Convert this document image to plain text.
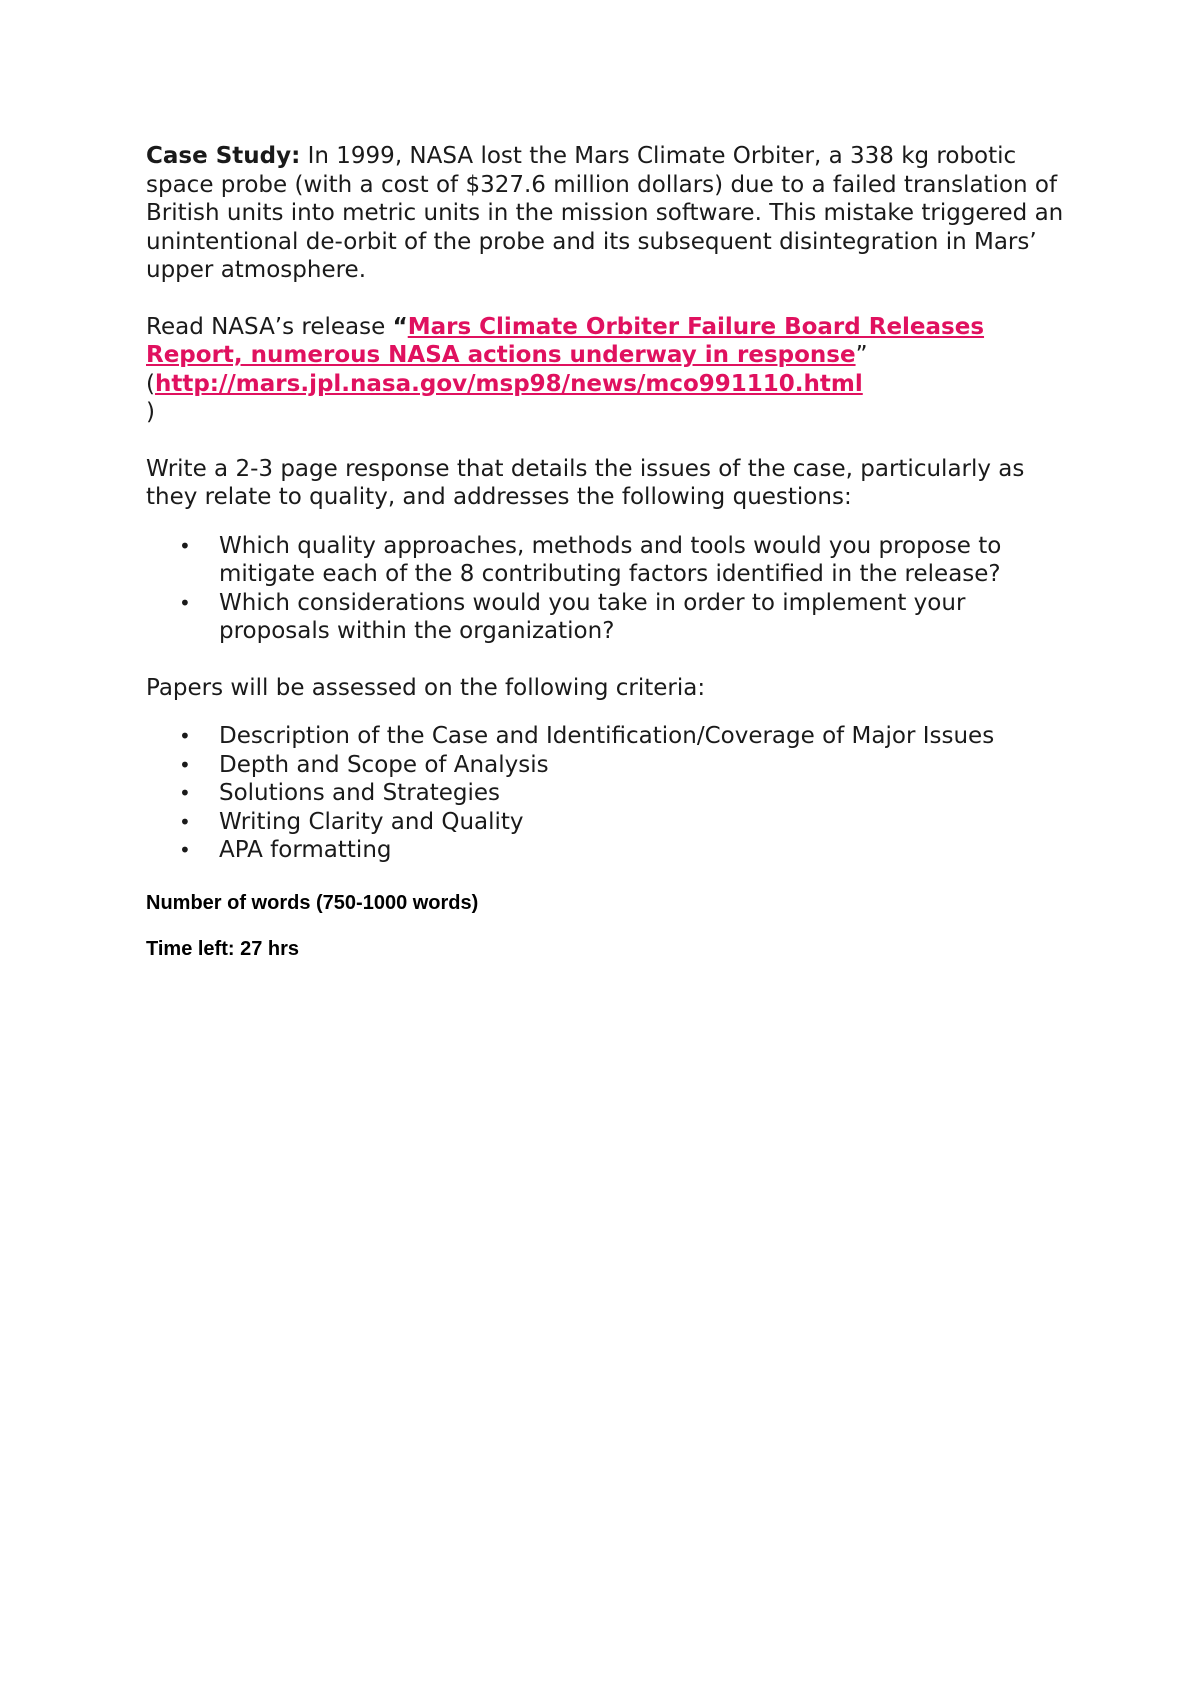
Case Study: In 1999, NASA lost the Mars Climate Orbiter, a 338 kg robotic space probe (with a cost of $327.6 million dollars) due to a failed translation of British units into metric units in the mission software. This mistake triggered an unintentional de-orbit of the probe and its subsequent disintegration in Mars’ upper atmosphere.

Read NASA’s release “Mars Climate Orbiter Failure Board Releases Report, numerous NASA actions underway in response” (http://mars.jpl.nasa.gov/msp98/news/mco991110.html
)

Write a 2-3 page response that details the issues of the case, particularly as they relate to quality, and addresses the following questions:

• Which quality approaches, methods and tools would you propose to mitigate each of the 8 contributing factors identified in the release?
• Which considerations would you take in order to implement your proposals within the organization?

Papers will be assessed on the following criteria:

• Description of the Case and Identification/Coverage of Major Issues
• Depth and Scope of Analysis
• Solutions and Strategies
• Writing Clarity and Quality
• APA formatting

Number of words (750-1000 words)

Time left: 27 hrs
